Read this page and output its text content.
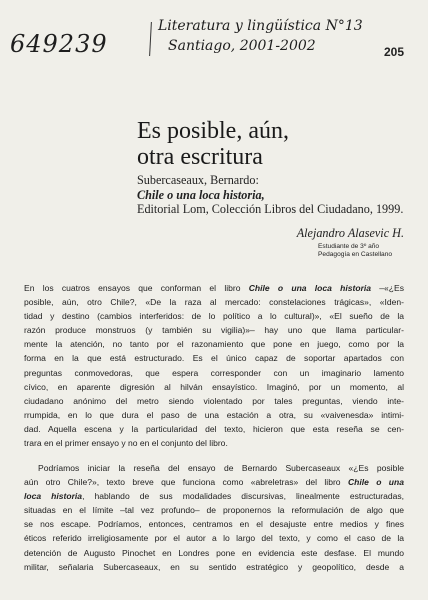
649239
Literatura y lingüística N°13
Santiago, 2001-2002	205
Es posible, aún,
otra escritura
Subercaseaux, Bernardo:
Chile o una loca historia,
Editorial Lom, Colección Libros del Ciudadano, 1999.
Alejandro Alasevic H.
Estudiante de 3º año
Pedagogía en Castellano
En los cuatros ensayos que conforman el libro Chile o una loca historia –«¿Es
posible, aún, otro Chile?, «De la raza al mercado: constelaciones trágicas», «Iden-
tidad y destino (cambios interferidos: de lo político a lo cultural)», «El sueño de la
razón produce monstruos (y también su vigilia)»– hay uno que llama particular-
mente la atención, no tanto por el razonamiento que pone en juego, como por la
forma en la que está estructurado. Es el único capaz de soportar apartados con
preguntas conmovedoras, que espera corresponder con un imaginario lamento
cívico, en aparente digresión al hilván ensayístico. Imaginó, por un momento, al
ciudadano anónimo del metro siendo violentado por tales preguntas, viendo inte-
rrumpida, en lo que dura el paso de una estación a otra, su «vaivenesda» intimi-
dad. Aquella escena y la particularidad del texto, hicieron que esta reseña se cen-
trara en el primer ensayo y no en el conjunto del libro.
Podríamos iniciar la reseña del ensayo de Bernardo Subercaseaux «¿Es posible
aún otro Chile?», texto breve que funciona como «abreletras» del libro Chile o una
loca historia, hablando de sus modalidades discursivas, linealmente estructuradas,
situadas en el límite –tal vez profundo– de proponernos la reformulación de algo que
se nos escape. Podríamos, entonces, centramos en el desajuste entre medios y fines
éticos referido irreligiosamente por el autor a lo largo del texto, y como el caso de la
detención de Augusto Pinochet en Londres pone en evidencia este desfase. El mundo
militar, señalaria Subercaseaux, en su sentido estratégico y geopolítico, desde a
